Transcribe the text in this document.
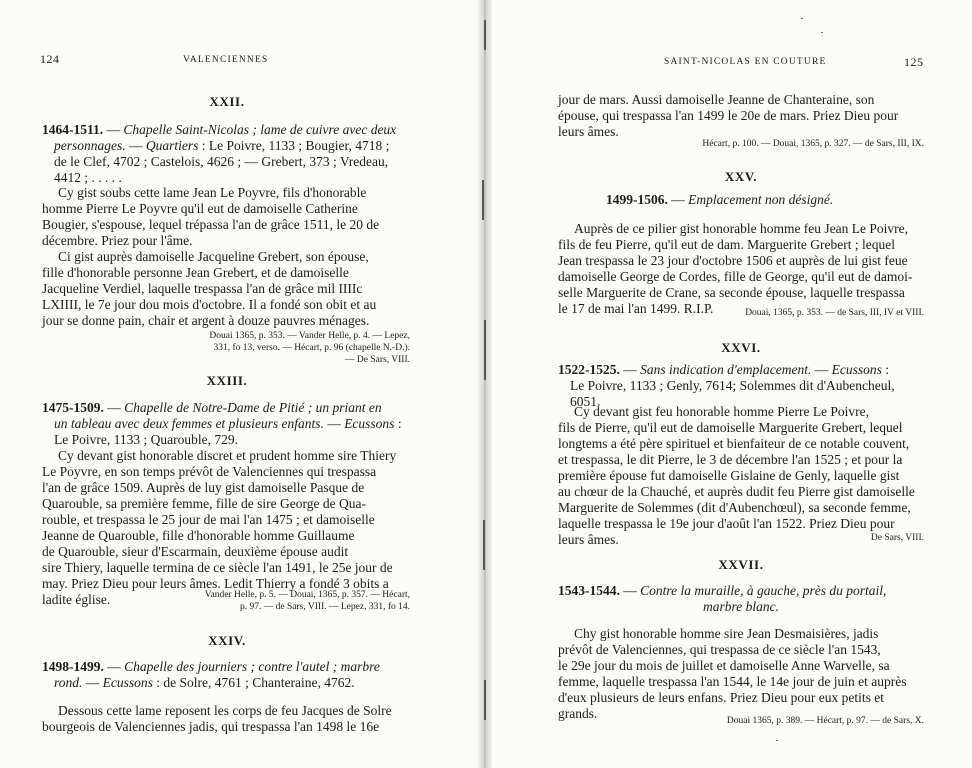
124	VALENCIENNES
XXII.
1464-1511. — Chapelle Saint-Nicolas ; lame de cuivre avec deux
personnages. — Quartiers : Le Poivre, 1133 ; Bougier, 4718 ;
de le Clef, 4702 ; Castelois, 4626 ; — Grebert, 373 ; Vredeau,
4412 ; . . . . .
Cy gist soubs cette lame Jean Le Poyvre, fils d'honorable
homme Pierre Le Poyvre qu'il eut de damoiselle Catherine
Bougier, s'espouse, lequel trépassa l'an de grâce 1511, le 20 de
décembre. Priez pour l'âme.
Ci gist auprès damoiselle Jacqueline Grebert, son épouse,
fille d'honorable personne Jean Grebert, et de damoiselle
Jacqueline Verdiel, laquelle trespassa l'an de grâce mil IIIIc
LXIIII, le 7e jour dou mois d'octobre. Il a fondé son obit et au
jour se donne pain, chair et argent à douze pauvres ménages.
Douai 1365, p. 353. — Vander Helle, p. 4. — Lepez,
331, fo 13, verso. — Hécart, p. 96 (chapelle N.-D.).
— De Sars, VIII.
XXIII.
1475-1509. — Chapelle de Notre-Dame de Pitié ; un priant en
un tableau avec deux femmes et plusieurs enfants. — Ecussons :
Le Poivre, 1133 ; Quarouble, 729.
Cy devant gist honorable discret et prudent homme sire Thiery
Le Poyvre, en son temps prévôt de Valenciennes qui trespassa
l'an de grâce 1509. Auprès de luy gist damoiselle Pasque de
Quarouble, sa première femme, fille de sire George de Qua-
rouble, et trespassa le 25 jour de mai l'an 1475 ; et damoiselle
Jeanne de Quarouble, fille d'honorable homme Guillaume
de Quarouble, sieur d'Escarmain, deuxième épouse audit
sire Thiery, laquelle termina de ce siècle l'an 1491, le 25e jour de
may. Priez Dieu pour leurs âmes. Ledit Thierry a fondé 3 obits a
ladite église.	Vander Helle, p. 5. — Douai, 1365, p. 357. — Hécart,
p. 97. — de Sars, VIII. — Lepez, 331, fo 14.
XXIV.
1498-1499. — Chapelle des journiers ; contre l'autel ; marbre
rond. — Ecussons : de Solre, 4761 ; Chanteraine, 4762.
Dessous cette lame reposent les corps de feu Jacques de Solre
bourgeois de Valenciennes jadis, qui trespassa l'an 1498 le 16e
SAINT-NICOLAS EN COUTURE	125
jour de mars. Aussi damoiselle Jeanne de Chanteraine, son
épouse, qui trespassa l'an 1499 le 20e de mars. Priez Dieu pour
leurs âmes.
Hécart, p. 100. — Douai, 1365, p. 327. — de Sars, III, IX.
XXV.
1499-1506. — Emplacement non désigné.
Auprès de ce pilier gist honorable homme feu Jean Le Poivre,
fils de feu Pierre, qu'il eut de dam. Marguerite Grebert ; lequel
Jean trespassa le 23 jour d'octobre 1506 et auprès de lui gist feue
damoiselle George de Cordes, fille de George, qu'il eut de damoi-
selle Marguerite de Crane, sa seconde épouse, laquelle trespassa
le 17 de mai l'an 1499. R.I.P.	Douai, 1365, p. 353. — de Sars, III, IV et VIII.
XXVI.
1522-1525. — Sans indication d'emplacement. — Ecussons :
Le Poivre, 1133 ; Genly, 7614; Solemmes dit d'Aubencheul, 6051.
Cy devant gist feu honorable homme Pierre Le Poivre,
fils de Pierre, qu'il eut de damoiselle Marguerite Grebert, lequel
longtems a été père spirituel et bienfaiteur de ce notable couvent,
et trespassa, le dit Pierre, le 3 de décembre l'an 1525 ; et pour la
première épouse fut damoiselle Gislaine de Genly, laquelle gist
au chœur de la Chauché, et auprès dudit feu Pierre gist damoiselle
Marguerite de Solemmes (dit d'Aubenchœul), sa seconde femme,
laquelle trespassa le 19e jour d'août l'an 1522. Priez Dieu pour
leurs âmes.	De Sars, VIII.
XXVII.
1543-1544. — Contre la muraille, à gauche, près du portail,
marbre blanc.
Chy gist honorable homme sire Jean Desmaisières, jadis
prévôt de Valenciennes, qui trespassa de ce siècle l'an 1543,
le 29e jour du mois de juillet et damoiselle Anne Warvelle, sa
femme, laquelle trespassa l'an 1544, le 14e jour de juin et auprès
d'eux plusieurs de leurs enfans. Priez Dieu pour eux petits et
grands.	Douai 1365, p. 389. — Hécart, p. 97. — de Sars, X.
